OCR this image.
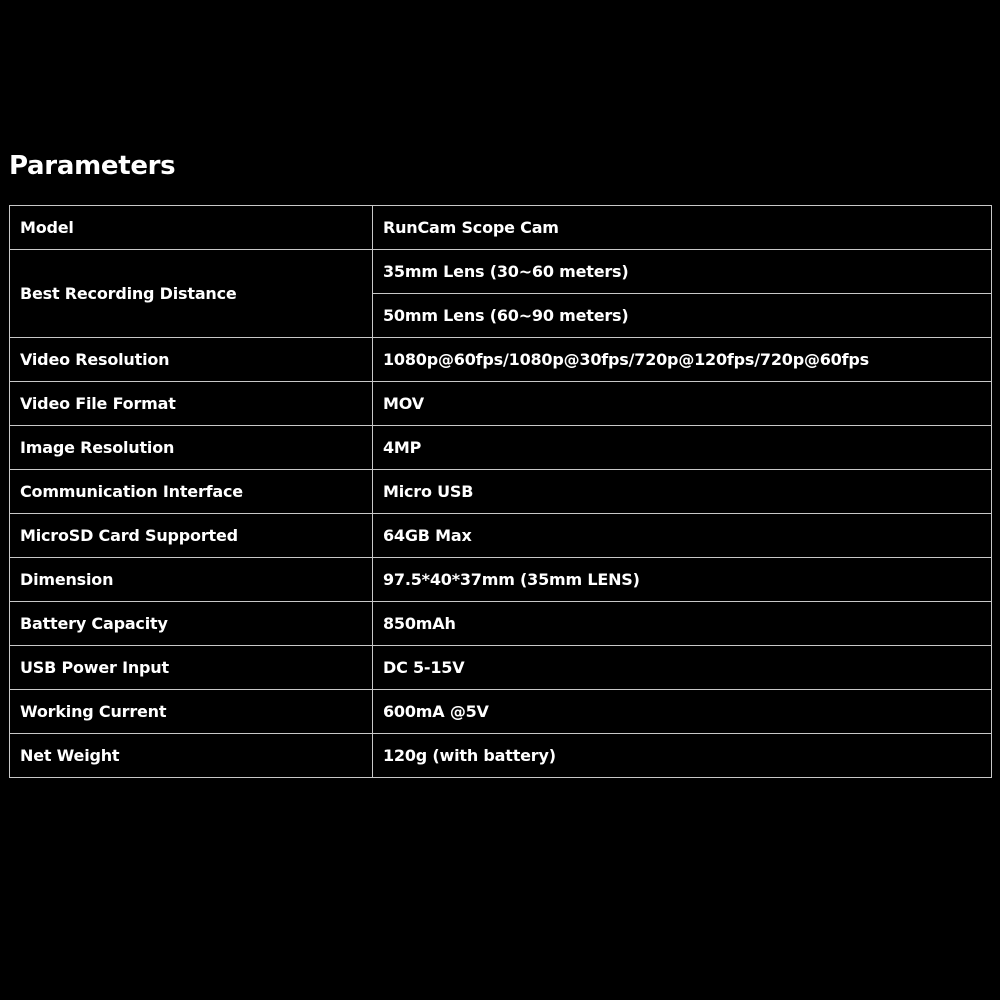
Parameters
Model	RunCam Scope Cam
Best Recording Distance	35mm Lens (30~60 meters)
	50mm Lens (60~90 meters)
Video Resolution	1080p@60fps/1080p@30fps/720p@120fps/720p@60fps
Video File Format	MOV
Image Resolution	4MP
Communication Interface	Micro USB
MicroSD Card Supported	64GB Max
Dimension	97.5*40*37mm (35mm LENS)
Battery Capacity	850mAh
USB Power Input	DC 5-15V
Working Current	600mA @5V
Net Weight	120g (with battery)
